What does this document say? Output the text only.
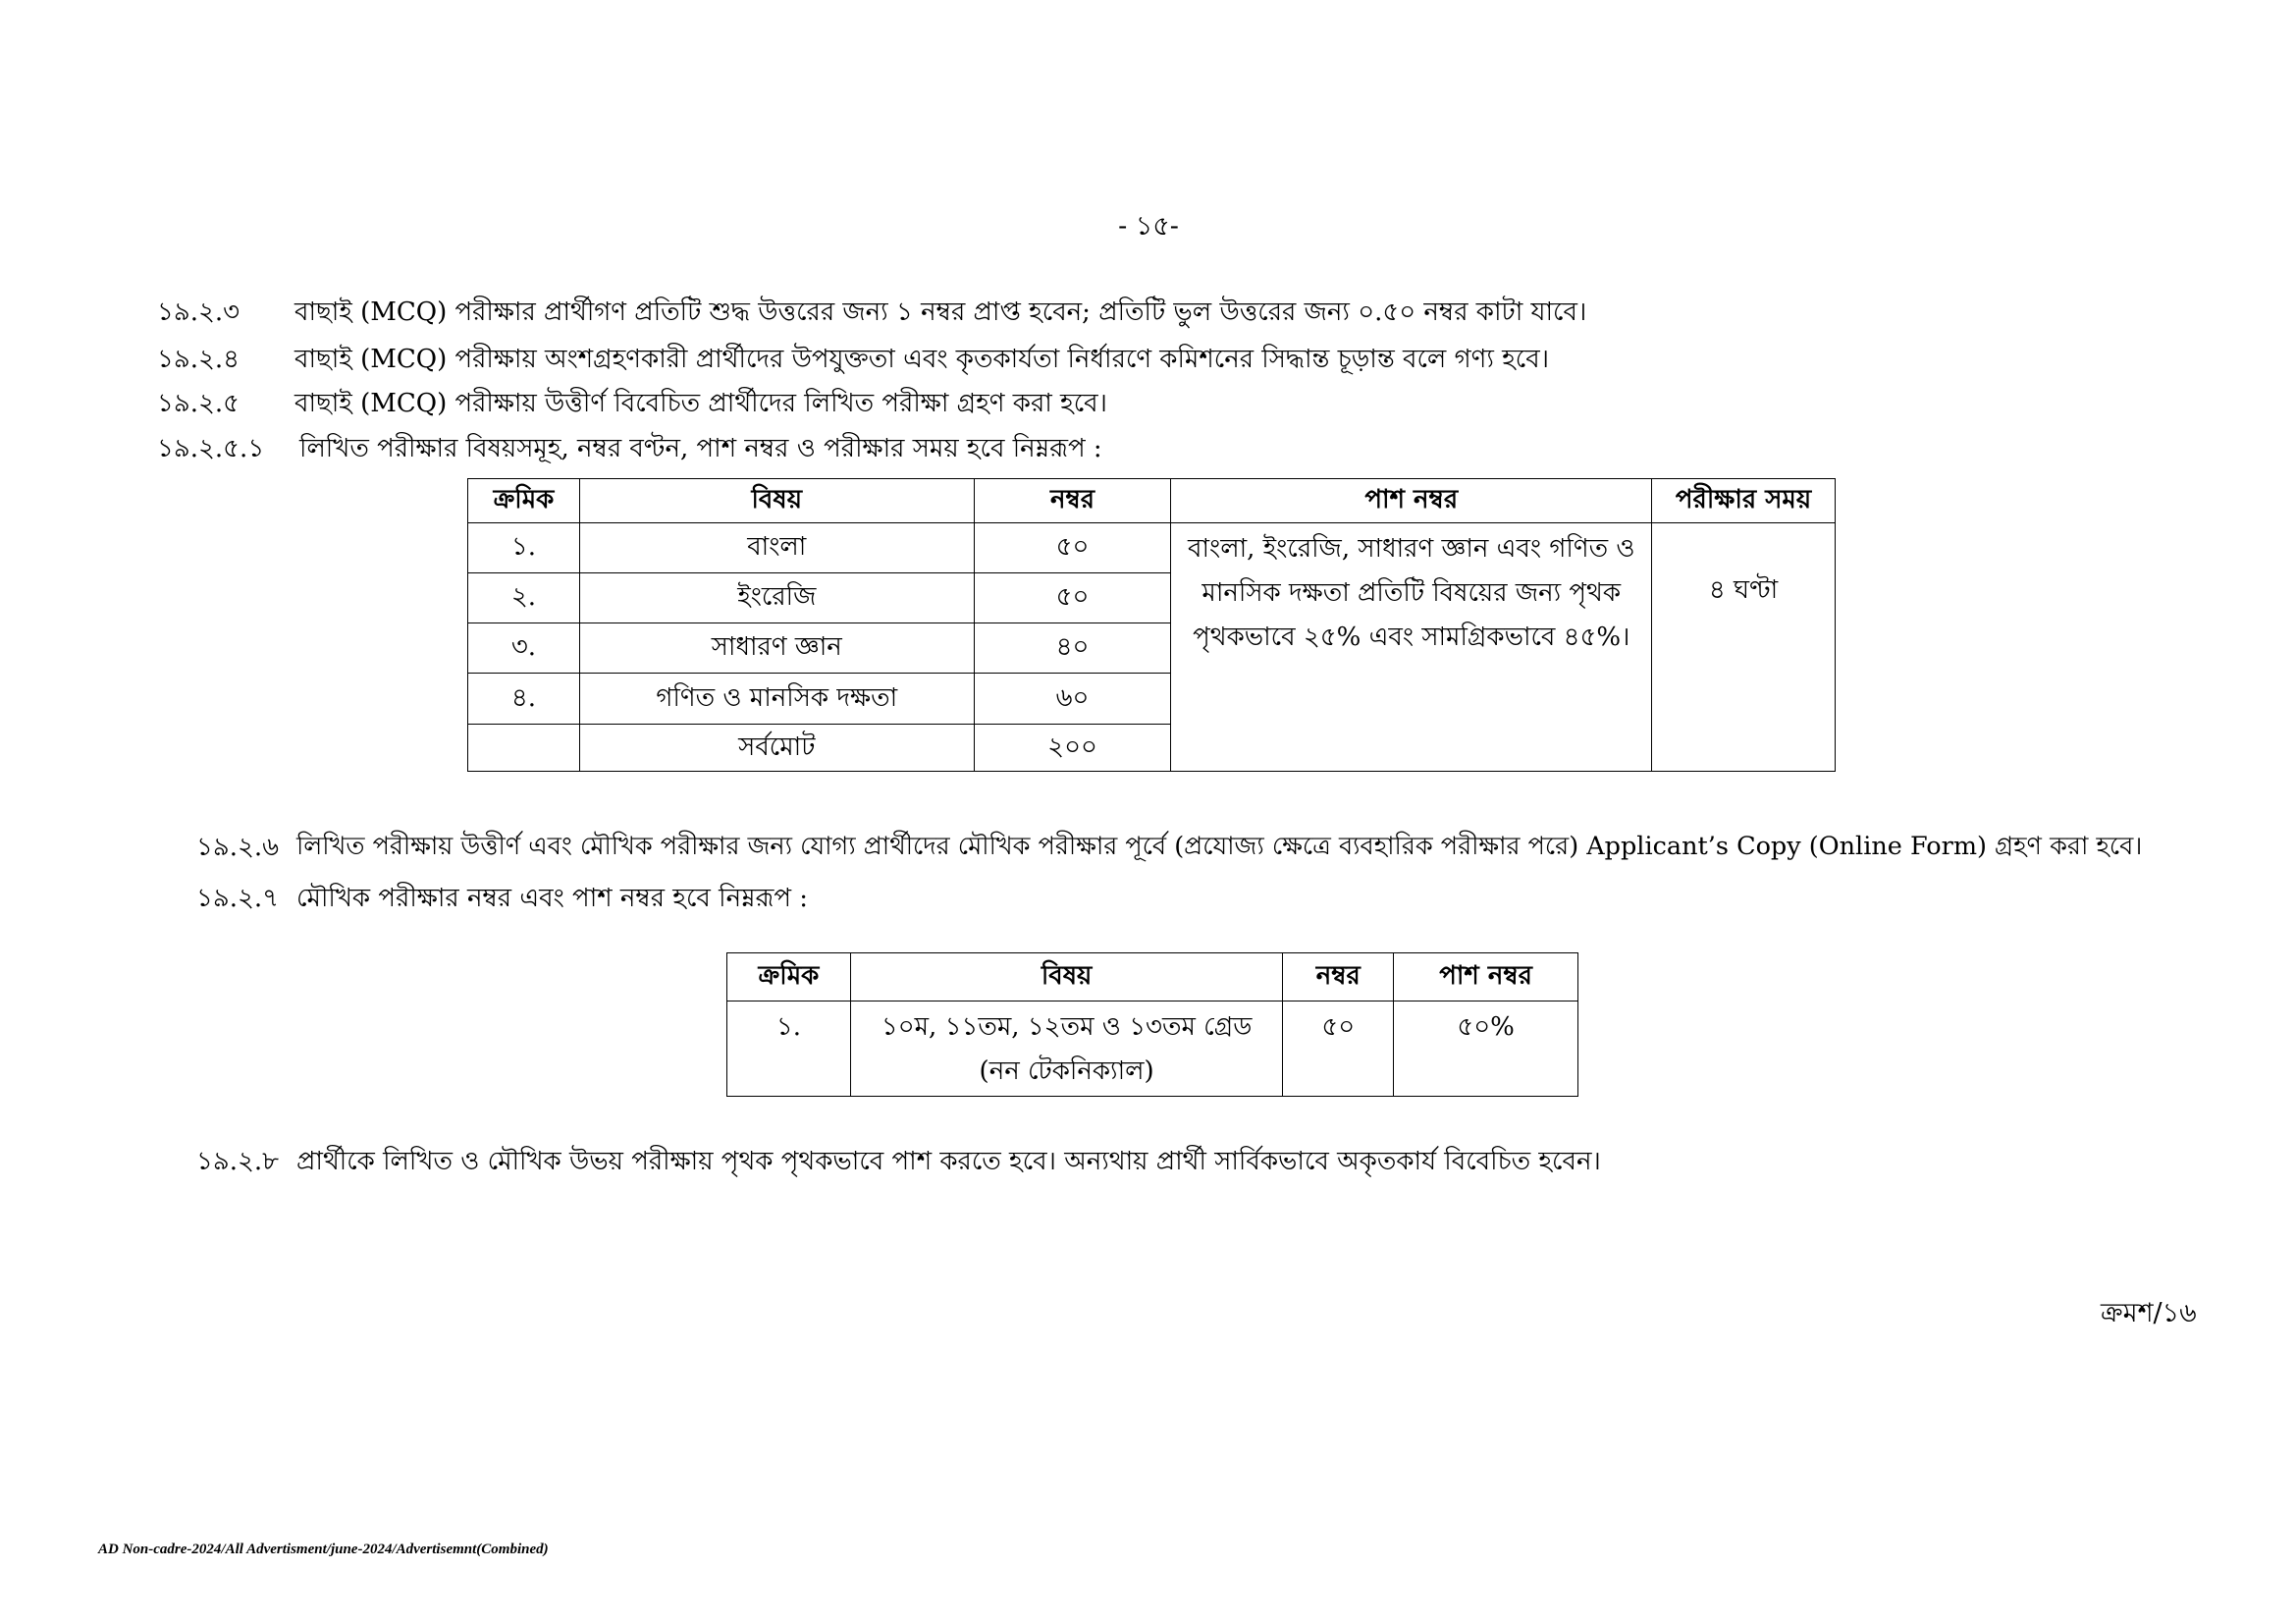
- ১৫-
১৯.২.৩ বাছাই (MCQ) পরীক্ষার প্রার্থীগণ প্রতিটি শুদ্ধ উত্তরের জন্য ১ নম্বর প্রাপ্ত হবেন; প্রতিটি ভুল উত্তরের জন্য ০.৫০ নম্বর কাটা যাবে।
১৯.২.৪ বাছাই (MCQ) পরীক্ষায় অংশগ্রহণকারী প্রার্থীদের উপযুক্ততা এবং কৃতকার্যতা নির্ধারণে কমিশনের সিদ্ধান্ত চূড়ান্ত বলে গণ্য হবে।
১৯.২.৫ বাছাই (MCQ) পরীক্ষায় উত্তীর্ণ বিবেচিত প্রার্থীদের লিখিত পরীক্ষা গ্রহণ করা হবে।
১৯.২.৫.১ লিখিত পরীক্ষার বিষয়সমূহ, নম্বর বণ্টন, পাশ নম্বর ও পরীক্ষার সময় হবে নিম্নরূপ :
ক্রমিক	বিষয়	নম্বর	পাশ নম্বর	পরীক্ষার সময়
১.	বাংলা	৫০	বাংলা, ইংরেজি, সাধারণ জ্ঞান এবং গণিত ও
মানসিক দক্ষতা প্রতিটি বিষয়ের জন্য পৃথক
পৃথকভাবে ২৫% এবং সামগ্রিকভাবে ৪৫%।	৪ ঘণ্টা
২.	ইংরেজি	৫০		
৩.	সাধারণ জ্ঞান	৪০		
৪.	গণিত ও মানসিক দক্ষতা	৬০		
	সর্বমোট	২০০		
১৯.২.৬ লিখিত পরীক্ষায় উত্তীর্ণ এবং মৌখিক পরীক্ষার জন্য যোগ্য প্রার্থীদের মৌখিক পরীক্ষার পূর্বে (প্রযোজ্য ক্ষেত্রে ব্যবহারিক পরীক্ষার পরে) Applicant’s Copy (Online Form) গ্রহণ করা হবে।
১৯.২.৭ মৌখিক পরীক্ষার নম্বর এবং পাশ নম্বর হবে নিম্নরূপ :
ক্রমিক	বিষয়	নম্বর	পাশ নম্বর
১.	১০ম, ১১তম, ১২তম ও ১৩তম গ্রেড
(নন টেকনিক্যাল)	৫০	৫০%
১৯.২.৮ প্রার্থীকে লিখিত ও মৌখিক উভয় পরীক্ষায় পৃথক পৃথকভাবে পাশ করতে হবে। অন্যথায় প্রার্থী সার্বিকভাবে অকৃতকার্য বিবেচিত হবেন।
ক্রমশ/১৬
AD Non-cadre-2024/All Advertisment/june-2024/Advertisemnt(Combined)
